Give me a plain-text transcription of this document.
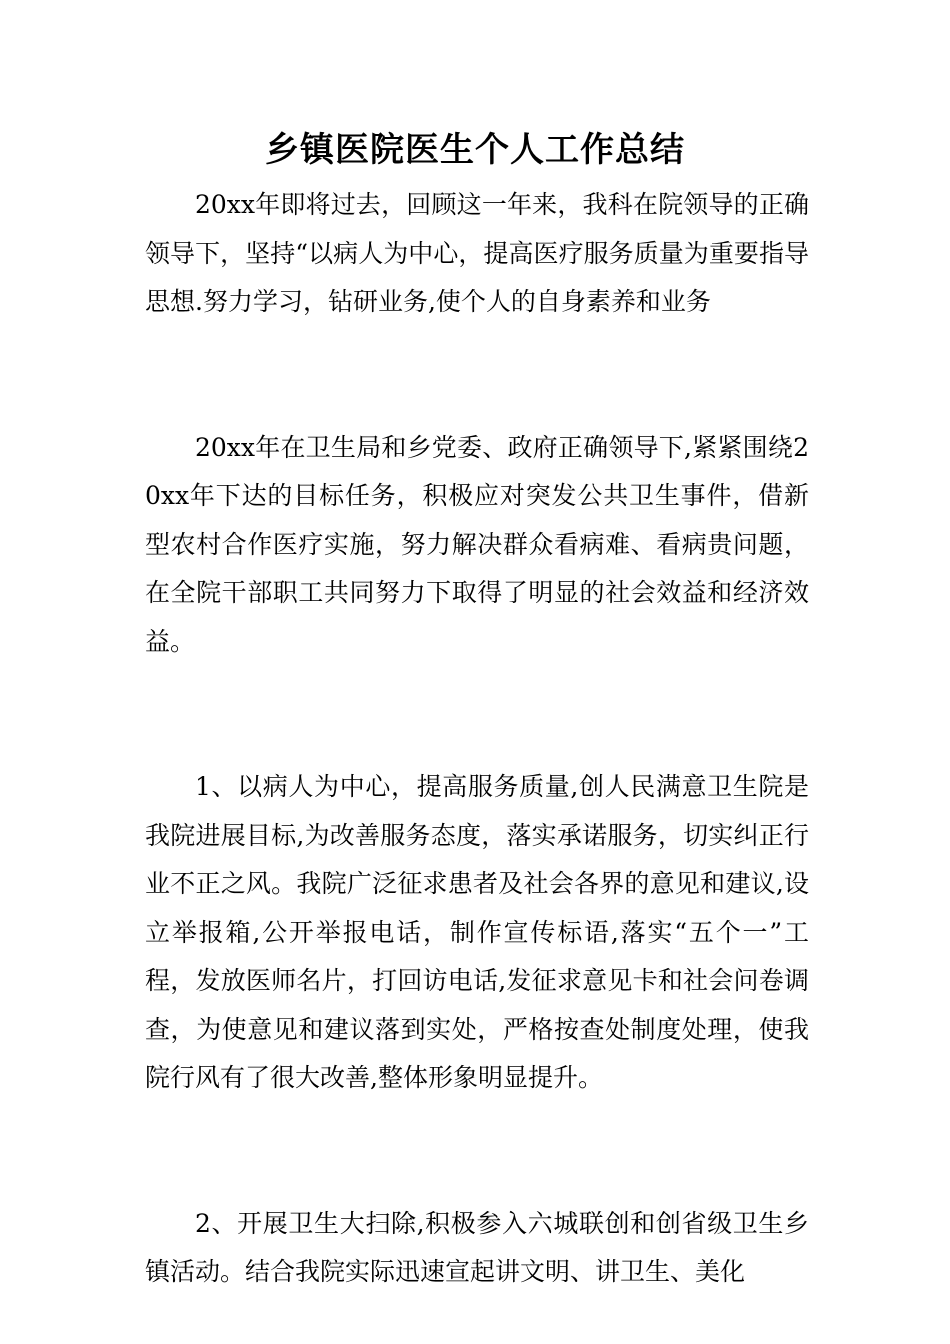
乡镇医院医生个人工作总结

20xx年即将过去，回顾这一年来，我科在院领导的正确领导下，坚持“以病人为中心，提高医疗服务质量为重要指导思想.努力学习，钻研业务,使个人的自身素养和业务

20xx年在卫生局和乡党委、政府正确领导下,紧紧围绕20xx年下达的目标任务，积极应对突发公共卫生事件，借新型农村合作医疗实施，努力解决群众看病难、看病贵问题，在全院干部职工共同努力下取得了明显的社会效益和经济效益。

1、以病人为中心，提高服务质量,创人民满意卫生院是我院进展目标,为改善服务态度，落实承诺服务，切实纠正行业不正之风。我院广泛征求患者及社会各界的意见和建议,设立举报箱,公开举报电话，制作宣传标语,落实“五个一”工程，发放医师名片，打回访电话,发征求意见卡和社会问卷调查，为使意见和建议落到实处，严格按查处制度处理，使我院行风有了很大改善,整体形象明显提升。

2、开展卫生大扫除,积极参入六城联创和创省级卫生乡镇活动。结合我院实际迅速宣起讲文明、讲卫生、美化
